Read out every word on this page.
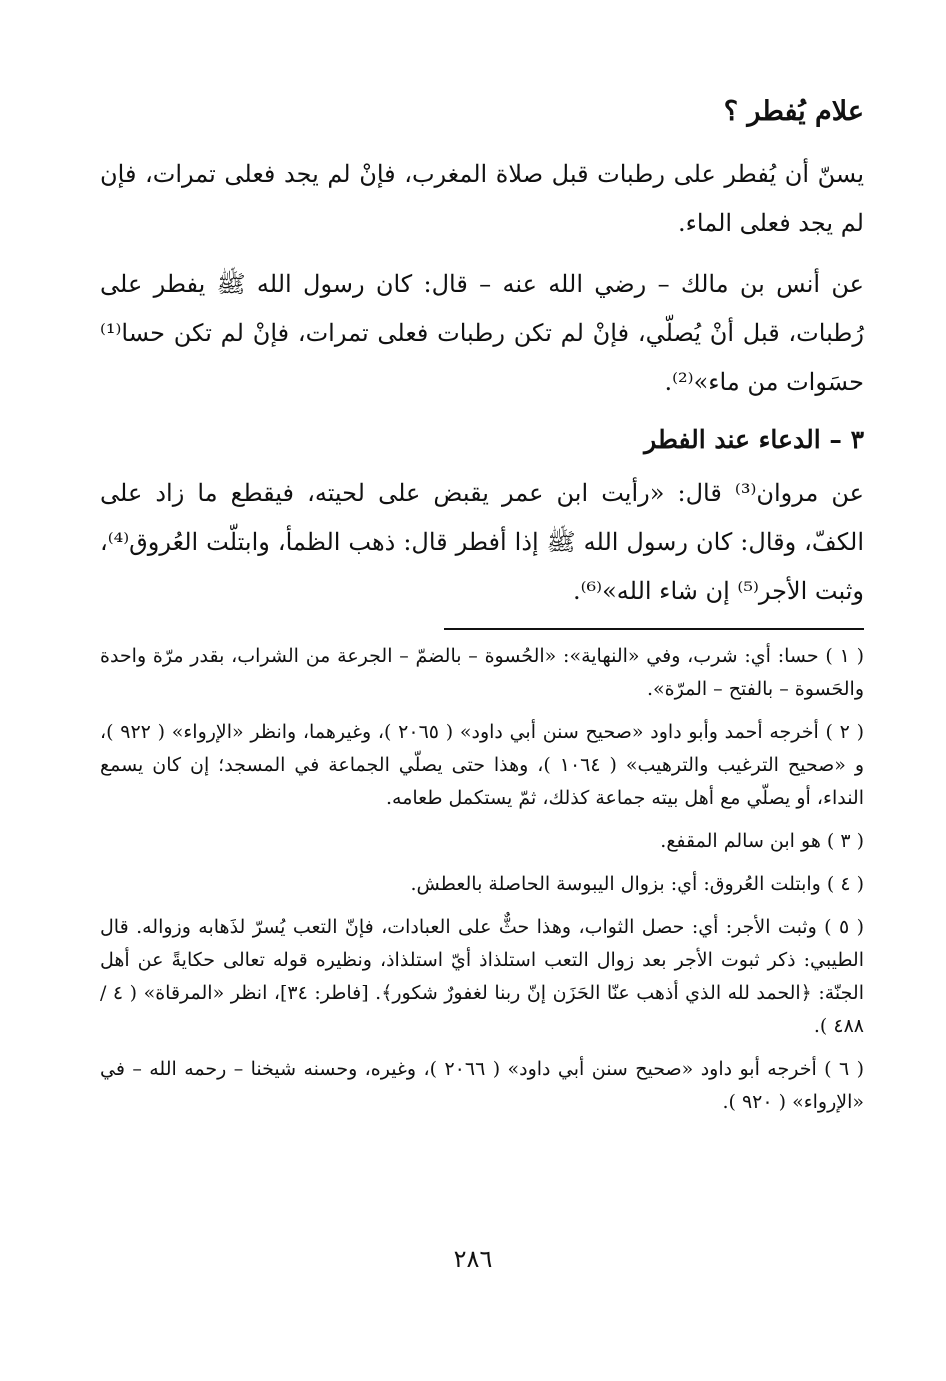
علام يُفطر ؟

يسنّ أن يُفطر على رطبات قبل صلاة المغرب، فإنْ لم يجد فعلى تمرات، فإن لم يجد فعلى الماء.

عن أنس بن مالك – رضي الله عنه – قال: كان رسول الله ﷺ يفطر على رُطبات، قبل أنْ يُصلّي، فإنْ لم تكن رطبات فعلى تمرات، فإنْ لم تكن حسا⁽¹⁾ حسَوات من ماء»⁽²⁾.

٣ – الدعاء عند الفطر

عن مروان⁽³⁾ قال: «رأيت ابن عمر يقبض على لحيته، فيقطع ما زاد على الكفّ، وقال: كان رسول الله ﷺ إذا أفطر قال: ذهب الظمأ، وابتلّت العُروق⁽⁴⁾، وثبت الأجر⁽⁵⁾ إن شاء الله»⁽⁶⁾.

( ١ ) حسا: أي: شرب، وفي «النهاية»: «الحُسوة – بالضمّ – الجرعة من الشراب، بقدر مرّة واحدة والحَسوة – بالفتح – المرّة».

( ٢ ) أخرجه أحمد وأبو داود «صحيح سنن أبي داود» ( ٢٠٦٥ )، وغيرهما، وانظر «الإرواء» ( ٩٢٢ )، و «صحيح الترغيب والترهيب» ( ١٠٦٤ )، وهذا حتى يصلّي الجماعة في المسجد؛ إن كان يسمع النداء، أو يصلّي مع أهل بيته جماعة كذلك، ثمّ يستكمل طعامه.

( ٣ ) هو ابن سالم المقفع.

( ٤ ) وابتلت العُروق: أي: بزوال اليبوسة الحاصلة بالعطش.

( ٥ ) وثبت الأجر: أي: حصل الثواب، وهذا حثٌّ على العبادات، فإنّ التعب يُسرّ لذَهابه وزواله. قال الطيبي: ذكر ثبوت الأجر بعد زوال التعب استلذاذ أيّ استلذاذ، ونظيره قوله تعالى حكايةً عن أهل الجنّة: ﴿الحمد لله الذي أذهب عنّا الحَزَن إنّ ربنا لغفورٌ شكور﴾. [فاطر: ٣٤]، انظر «المرقاة» ( ٤ / ٤٨٨ ).

( ٦ ) أخرجه أبو داود «صحيح سنن أبي داود» ( ٢٠٦٦ )، وغيره، وحسنه شيخنا – رحمه الله – في «الإرواء» ( ٩٢٠ ).

٢٨٦
